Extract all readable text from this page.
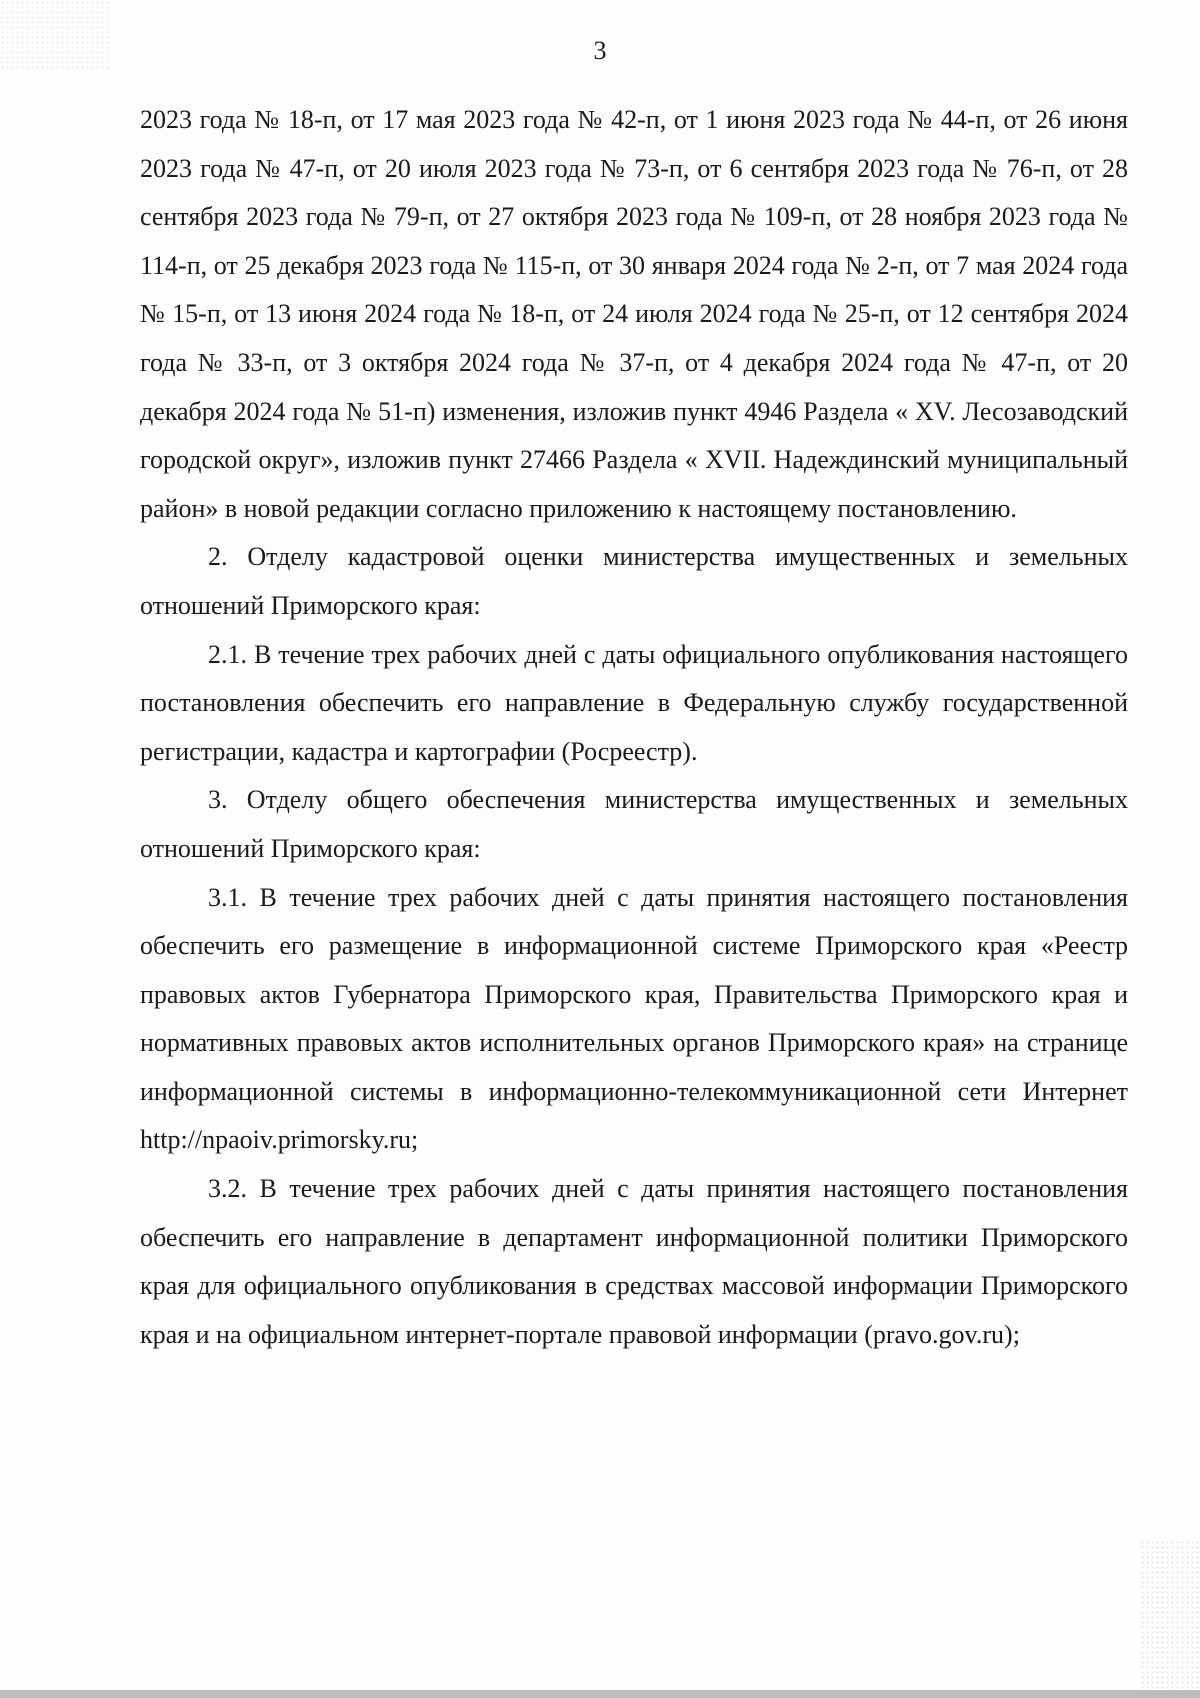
3

2023 года № 18-п, от 17 мая 2023 года № 42-п, от 1 июня 2023 года № 44-п, от 26 июня 2023 года № 47-п, от 20 июля 2023 года № 73-п, от 6 сентября 2023 года № 76-п, от 28 сентября 2023 года № 79-п, от 27 октября 2023 года № 109-п, от 28 ноября 2023 года № 114-п, от 25 декабря 2023 года № 115-п, от 30 января 2024 года № 2-п, от 7 мая 2024 года № 15-п, от 13 июня 2024 года № 18-п, от 24 июля 2024 года № 25-п, от 12 сентября 2024 года № 33-п, от 3 октября 2024 года № 37-п, от 4 декабря 2024 года № 47-п, от 20 декабря 2024 года № 51-п) изменения, изложив пункт 4946 Раздела « XV. Лесозаводский городской округ», изложив пункт 27466 Раздела « XVII. Надеждинский муниципальный район» в новой редакции согласно приложению к настоящему постановлению.

2. Отделу кадастровой оценки министерства имущественных и земельных отношений Приморского края:

2.1. В течение трех рабочих дней с даты официального опубликования настоящего постановления обеспечить его направление в Федеральную службу государственной регистрации, кадастра и картографии (Росреестр).

3. Отделу общего обеспечения министерства имущественных и земельных отношений Приморского края:

3.1. В течение трех рабочих дней с даты принятия настоящего постановления обеспечить его размещение в информационной системе Приморского края «Реестр правовых актов Губернатора Приморского края, Правительства Приморского края и нормативных правовых актов исполнительных органов Приморского края» на странице информационной системы в информационно-телекоммуникационной сети Интернет http://npaoiv.primorsky.ru;

3.2. В течение трех рабочих дней с даты принятия настоящего постановления обеспечить его направление в департамент информационной политики Приморского края для официального опубликования в средствах массовой информации Приморского края и на официальном интернет-портале правовой информации (pravo.gov.ru);
